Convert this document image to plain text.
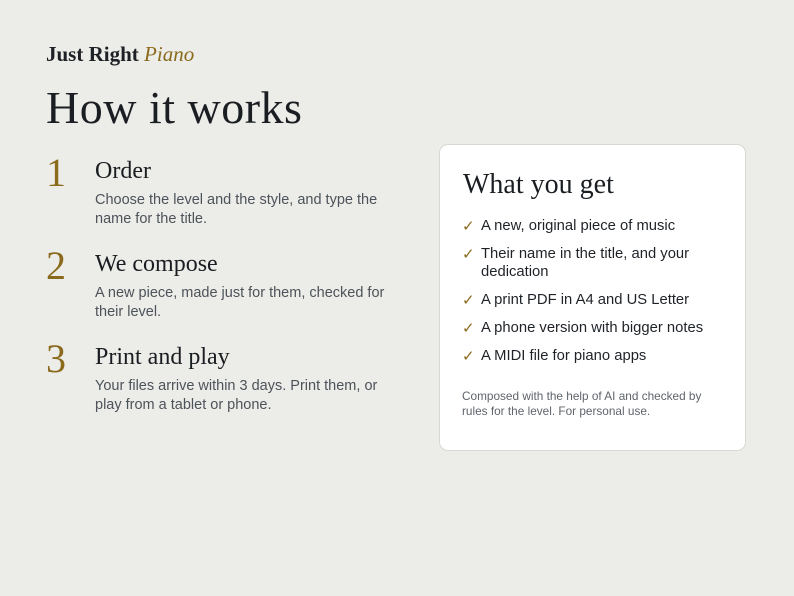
Just Right Piano
How it works
1 Order
Choose the level and the style, and type the name for the title.
2 We compose
A new piece, made just for them, checked for their level.
3 Print and play
Your files arrive within 3 days. Print them, or play from a tablet or phone.
What you get
✓ A new, original piece of music
✓ Their name in the title, and your dedication
✓ A print PDF in A4 and US Letter
✓ A phone version with bigger notes
✓ A MIDI file for piano apps
Composed with the help of AI and checked by rules for the level. For personal use.
